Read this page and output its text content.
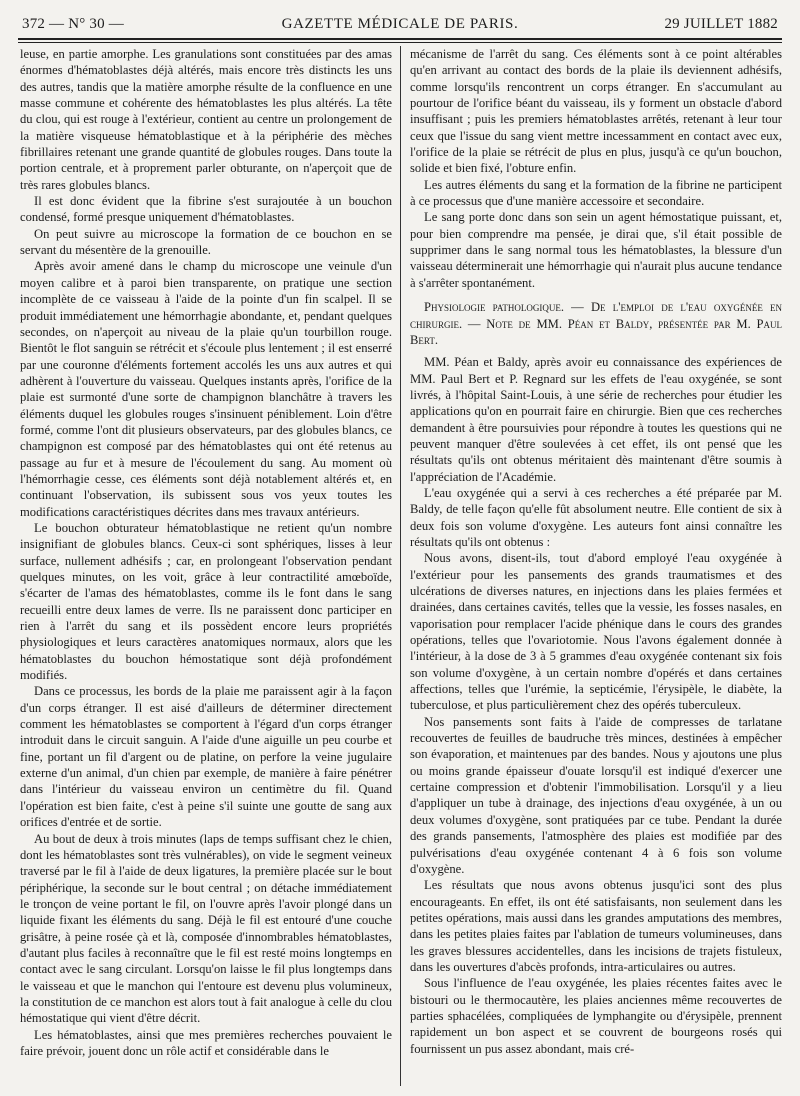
372 — N° 30 —	GAZETTE MÉDICALE DE PARIS.	29 JUILLET 1882

leuse, en partie amorphe. Les granulations sont constituées par des amas énormes d'hématoblastes déjà altérés, mais encore très distincts les uns des autres, tandis que la matière amorphe résulte de la confluence en une masse commune et cohérente des hématoblastes les plus altérés. La tête du clou, qui est rouge à l'extérieur, contient au centre un prolongement de la matière visqueuse hématoblastique et à la périphérie des mèches fibrillaires retenant une grande quantité de globules rouges. Dans toute la portion centrale, et à proprement parler obturante, on n'aperçoit que de très rares globules blancs.

Il est donc évident que la fibrine s'est surajoutée à un bouchon condensé, formé presque uniquement d'hématoblastes.

On peut suivre au microscope la formation de ce bouchon en se servant du mésentère de la grenouille.

Après avoir amené dans le champ du microscope une veinule d'un moyen calibre et à paroi bien transparente, on pratique une section incomplète de ce vaisseau à l'aide de la pointe d'un fin scalpel. Il se produit immédiatement une hémorrhagie abondante, et, pendant quelques secondes, on n'aperçoit au niveau de la plaie qu'un tourbillon rouge. Bientôt le flot sanguin se rétrécit et s'écoule plus lentement ; il est enserré par une couronne d'éléments fortement accolés les uns aux autres et qui adhèrent à l'ouverture du vaisseau. Quelques instants après, l'orifice de la plaie est surmonté d'une sorte de champignon blanchâtre à travers les éléments duquel les globules rouges s'insinuent péniblement. Loin d'être formé, comme l'ont dit plusieurs observateurs, par des globules blancs, ce champignon est composé par des hématoblastes qui ont été retenus au passage au fur et à mesure de l'écoulement du sang. Au moment où l'hémorrhagie cesse, ces éléments sont déjà notablement altérés et, en continuant l'observation, ils subissent sous vos yeux toutes les modifications caractéristiques décrites dans mes travaux antérieurs.

Le bouchon obturateur hématoblastique ne retient qu'un nombre insignifiant de globules blancs. Ceux-ci sont sphériques, lisses à leur surface, nullement adhésifs ; car, en prolongeant l'observation pendant quelques minutes, on les voit, grâce à leur contractilité amœboïde, s'écarter de l'amas des hématoblastes, comme ils le font dans le sang recueilli entre deux lames de verre. Ils ne paraissent donc participer en rien à l'arrêt du sang et ils possèdent encore leurs propriétés physiologiques et leurs caractères anatomiques normaux, alors que les hématoblastes du bouchon hémostatique sont déjà profondément modifiés.

Dans ce processus, les bords de la plaie me paraissent agir à la façon d'un corps étranger. Il est aisé d'ailleurs de déterminer directement comment les hématoblastes se comportent à l'égard d'un corps étranger introduit dans le circuit sanguin. A l'aide d'une aiguille un peu courbe et fine, portant un fil d'argent ou de platine, on perfore la veine jugulaire externe d'un animal, d'un chien par exemple, de manière à faire pénétrer dans l'intérieur du vaisseau environ un centimètre du fil. Quand l'opération est bien faite, c'est à peine s'il suinte une goutte de sang aux orifices d'entrée et de sortie.

Au bout de deux à trois minutes (laps de temps suffisant chez le chien, dont les hématoblastes sont très vulnérables), on vide le segment veineux traversé par le fil à l'aide de deux ligatures, la première placée sur le bout périphérique, la seconde sur le bout central ; on détache immédiatement le tronçon de veine portant le fil, on l'ouvre après l'avoir plongé dans un liquide fixant les éléments du sang. Déjà le fil est entouré d'une couche grisâtre, à peine rosée çà et là, composée d'innombrables hématoblastes, d'autant plus faciles à reconnaître que le fil est resté moins longtemps en contact avec le sang circulant. Lorsqu'on laisse le fil plus longtemps dans le vaisseau et que le manchon qui l'entoure est devenu plus volumineux, la constitution de ce manchon est alors tout à fait analogue à celle du clou hémostatique qui vient d'être décrit.

Les hématoblastes, ainsi que mes premières recherches pouvaient le faire prévoir, jouent donc un rôle actif et considérable dans le

mécanisme de l'arrêt du sang. Ces éléments sont à ce point altérables qu'en arrivant au contact des bords de la plaie ils deviennent adhésifs, comme lorsqu'ils rencontrent un corps étranger. En s'accumulant au pourtour de l'orifice béant du vaisseau, ils y forment un obstacle d'abord insuffisant ; puis les premiers hématoblastes arrêtés, retenant à leur tour ceux que l'issue du sang vient mettre incessamment en contact avec eux, l'orifice de la plaie se rétrécit de plus en plus, jusqu'à ce qu'un bouchon, solide et bien fixé, l'obture enfin.

Les autres éléments du sang et la formation de la fibrine ne participent à ce processus que d'une manière accessoire et secondaire.

Le sang porte donc dans son sein un agent hémostatique puissant, et, pour bien comprendre ma pensée, je dirai que, s'il était possible de supprimer dans le sang normal tous les hématoblastes, la blessure d'un vaisseau déterminerait une hémorrhagie qui n'aurait plus aucune tendance à s'arrêter spontanément.

Physiologie pathologique. — De l'emploi de l'eau oxygénée en chirurgie. — Note de MM. Péan et Baldy, présentée par M. Paul Bert.

MM. Péan et Baldy, après avoir eu connaissance des expériences de MM. Paul Bert et P. Regnard sur les effets de l'eau oxygénée, se sont livrés, à l'hôpital Saint-Louis, à une série de recherches pour étudier les applications qu'on en pourrait faire en chirurgie. Bien que ces recherches demandent à être poursuivies pour répondre à toutes les questions qui ne peuvent manquer d'être soulevées à cet effet, ils ont pensé que les résultats qu'ils ont obtenus méritaient dès maintenant d'être soumis à l'appréciation de l'Académie.

L'eau oxygénée qui a servi à ces recherches a été préparée par M. Baldy, de telle façon qu'elle fût absolument neutre. Elle contient de six à deux fois son volume d'oxygène. Les auteurs font ainsi connaître les résultats qu'ils ont obtenus :

Nous avons, disent-ils, tout d'abord employé l'eau oxygénée à l'extérieur pour les pansements des grands traumatismes et des ulcérations de diverses natures, en injections dans les plaies fermées et drainées, dans certaines cavités, telles que la vessie, les fosses nasales, en vaporisation pour remplacer l'acide phénique dans le cours des grandes opérations, telles que l'ovariotomie. Nous l'avons également donnée à l'intérieur, à la dose de 3 à 5 grammes d'eau oxygénée contenant six fois son volume d'oxygène, à un certain nombre d'opérés et dans certaines affections, telles que l'urémie, la septicémie, l'érysipèle, le diabète, la tuberculose, et plus particulièrement chez des opérés tuberculeux.

Nos pansements sont faits à l'aide de compresses de tarlatane recouvertes de feuilles de baudruche très minces, destinées à empêcher son évaporation, et maintenues par des bandes. Nous y ajoutons une plus ou moins grande épaisseur d'ouate lorsqu'il est indiqué d'exercer une certaine compression et d'obtenir l'immobilisation. Lorsqu'il y a lieu d'appliquer un tube à drainage, des injections d'eau oxygénée, à un ou deux volumes d'oxygène, sont pratiquées par ce tube. Pendant la durée des grands pansements, l'atmosphère des plaies est modifiée par des pulvérisations d'eau oxygénée contenant 4 à 6 fois son volume d'oxygène.

Les résultats que nous avons obtenus jusqu'ici sont des plus encourageants. En effet, ils ont été satisfaisants, non seulement dans les petites opérations, mais aussi dans les grandes amputations des membres, dans les petites plaies faites par l'ablation de tumeurs volumineuses, dans les graves blessures accidentelles, dans les incisions de trajets fistuleux, dans les ouvertures d'abcès profonds, intra-articulaires ou autres.

Sous l'influence de l'eau oxygénée, les plaies récentes faites avec le bistouri ou le thermocautère, les plaies anciennes même recouvertes de parties sphacélées, compliquées de lymphangite ou d'érysipèle, prennent rapidement un bon aspect et se couvrent de bourgeons rosés qui fournissent un pus assez abondant, mais cré-
